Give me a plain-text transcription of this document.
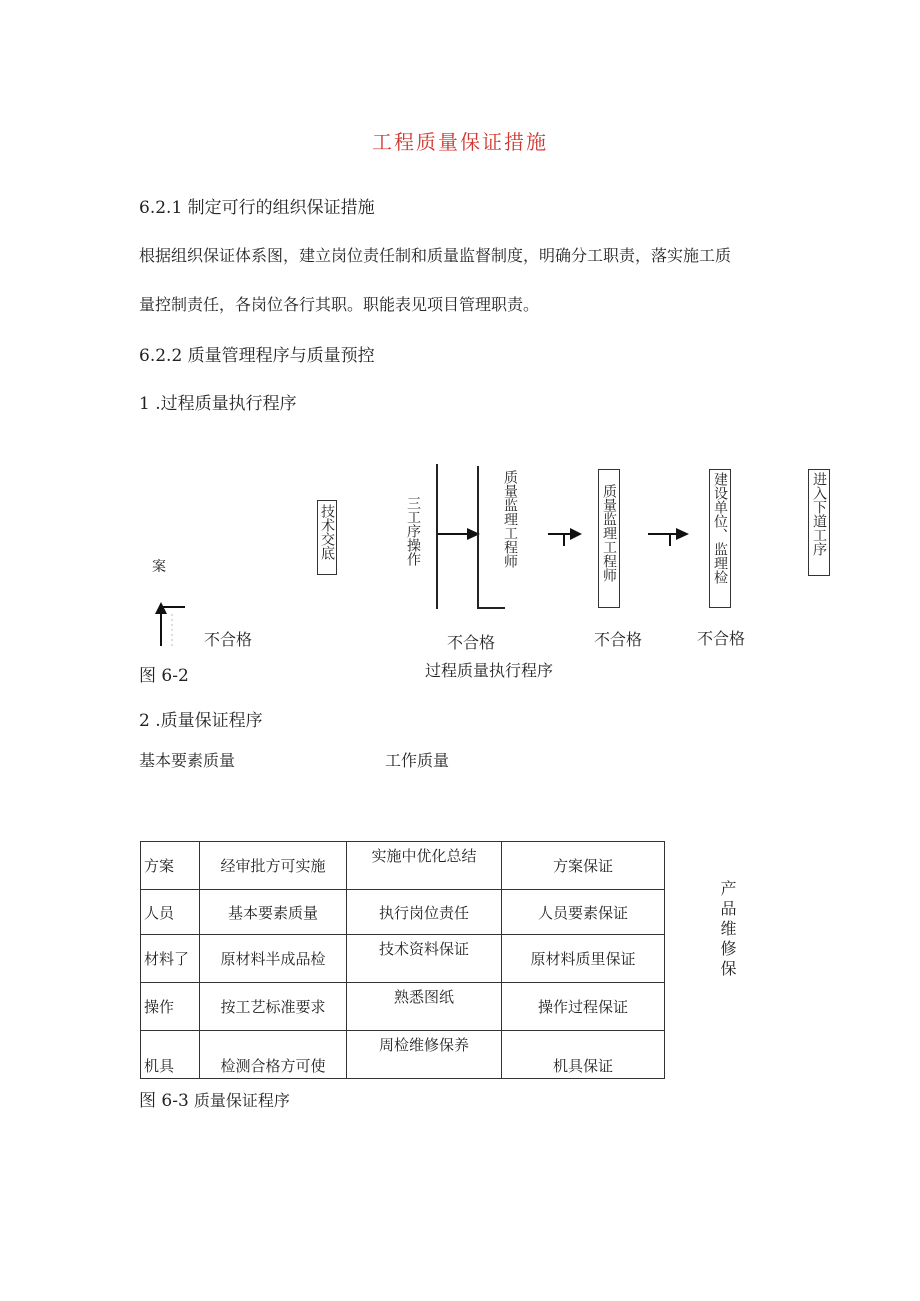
工程质量保证措施
6.2.1 制定可行的组织保证措施
根据组织保证体系图，建立岗位责任制和质量监督制度，明确分工职责，落实施工质
量控制责任，各岗位各行其职。职能表见项目管理职责。
6.2.2 质量管理程序与质量预控
1 .过程质量执行程序
案
技术交底	三工序操作	质量监理工程师	质量监理工程师	建设单位、监理检	进入下道工序
不合格	不合格	不合格	不合格
图 6-2	过程质量执行程序
2 .质量保证程序
基本要素质量	工作质量
方案	经审批方可实施	实施中优化总结	方案保证
人员	基本要素质量	执行岗位责任	人员要素保证
材料了	原材料半成品检	技术资料保证	原材料质里保证
操作	按工艺标准要求	熟悉图纸	操作过程保证
机具	检测合格方可使	周检维修保养	机具保证
产品维修保
图 6-3 质量保证程序
